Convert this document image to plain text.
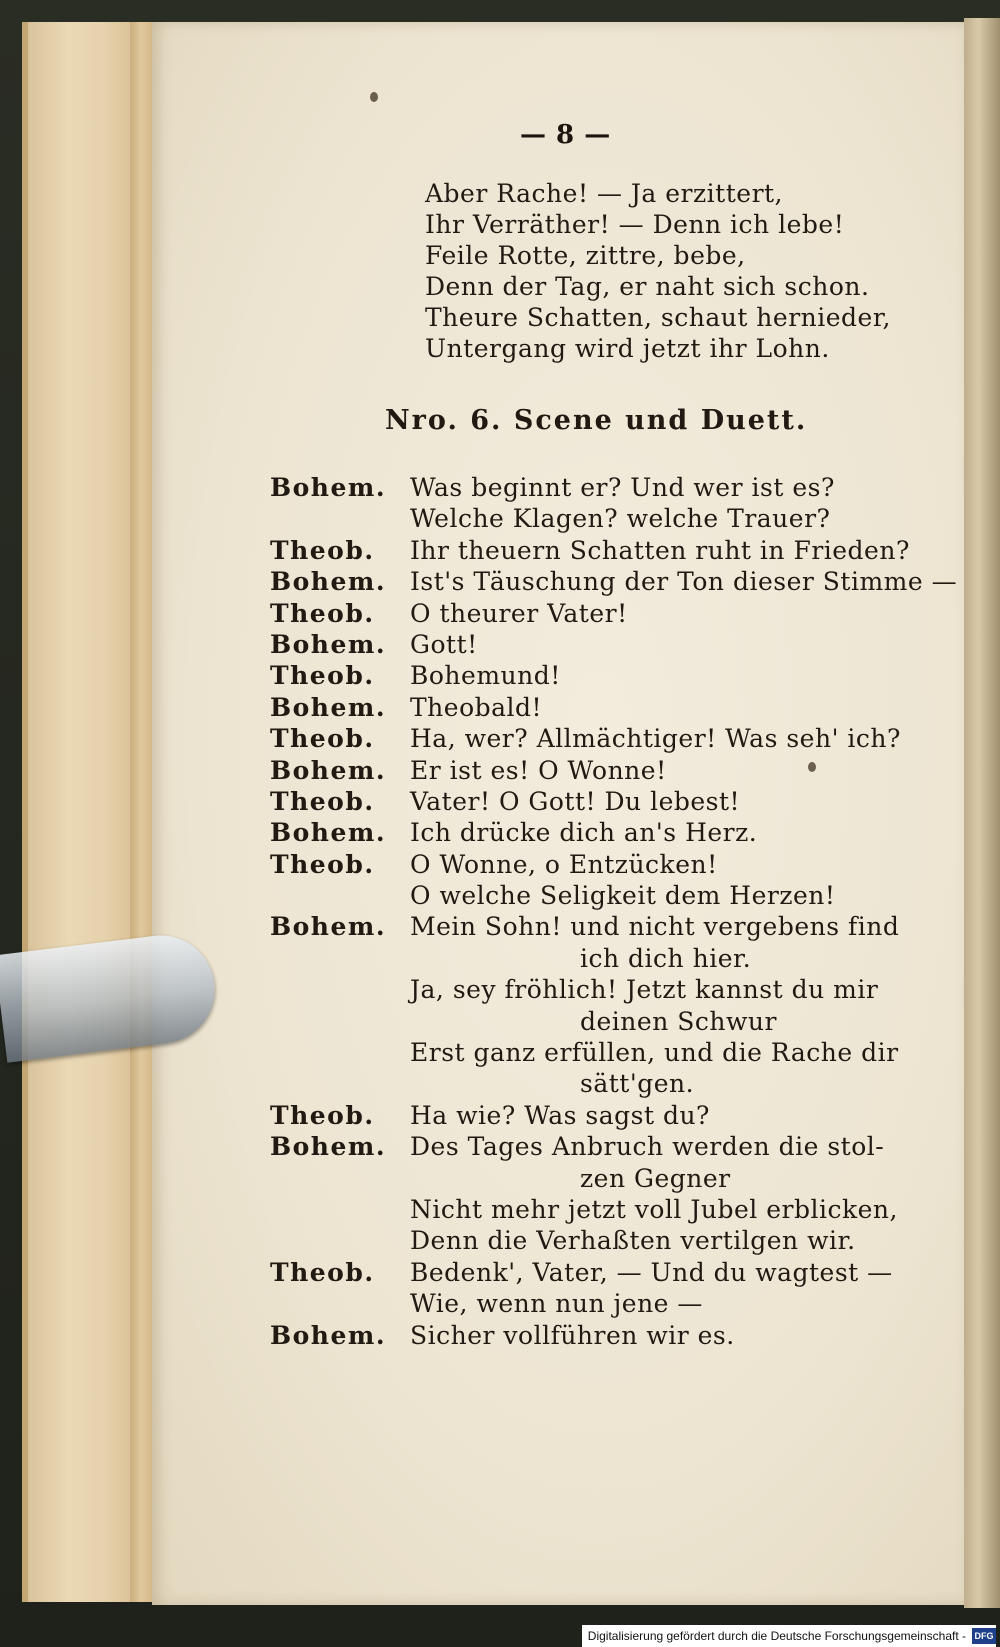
— 8 —
Aber Rache! — Ja erzittert,
Ihr Verräther! — Denn ich lebe!
Feile Rotte, zittre, bebe,
Denn der Tag, er naht sich schon.
Theure Schatten, schaut hernieder,
Untergang wird jetzt ihr Lohn.
Nro. 6. Scene und Duett.
Bohem. Was beginnt er? Und wer ist es?
Welche Klagen? welche Trauer?
Theob.	Ihr theuern Schatten ruht in Frieden?
Bohem. Ist's Täuschung der Ton dieser Stimme —
Theob.	O theurer Vater!
Bohem. Gott!
Theob.	Bohemund!
Bohem. Theobald!
Theob.	Ha, wer? Allmächtiger! Was seh' ich?
Bohem. Er ist es! O Wonne!
Theob.	Vater! O Gott! Du lebest!
Bohem. Ich drücke dich an's Herz.
Theob.	O Wonne, o Entzücken!
O welche Seligkeit dem Herzen!
Bohem. Mein Sohn! und nicht vergebens find
ich dich hier.
Ja, sey fröhlich! Jetzt kannst du mir
deinen Schwur
Erst ganz erfüllen, und die Rache dir
sätt'gen.
Theob.	Ha wie? Was sagst du?
Bohem. Des Tages Anbruch werden die stol-
zen Gegner
Nicht mehr jetzt voll Jubel erblicken,
Denn die Verhaßten vertilgen wir.
Theob.	Bedenk', Vater, — Und du wagtest —
Wie, wenn nun jene —
Bohem. Sicher vollführen wir es.
Digitalisierung gefördert durch die Deutsche Forschungsgemeinschaft - DFG
